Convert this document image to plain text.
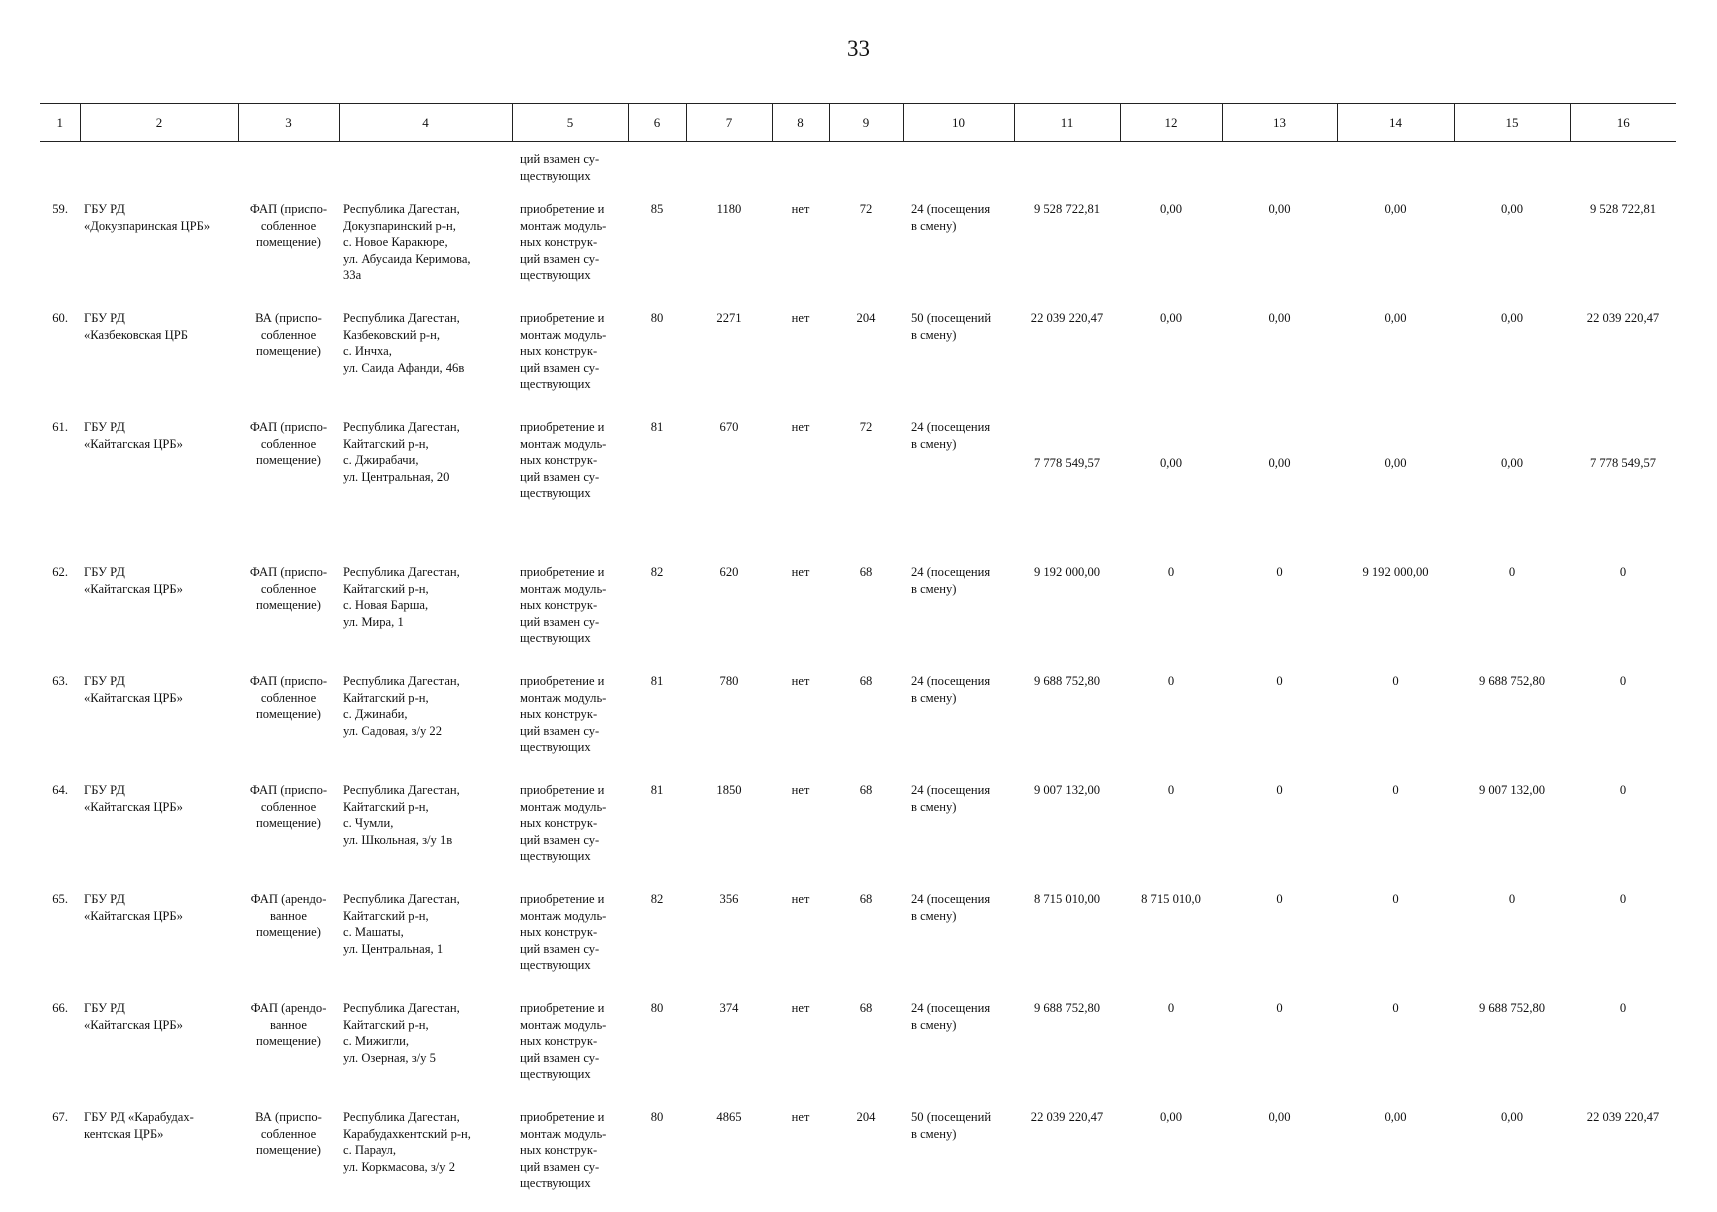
33
1	2	3	4	5	6	7	8	9	10	11	12	13	14	15	16
				ций взамен су-
ществующих											
59.	ГБУ РД
«Докузпаринская ЦРБ»	ФАП (приспо-
собленное
помещение)	Республика Дагестан,
Докузпаринский р-н,
с. Новое Каракюре,
ул. Абусаида Керимова,
33а	приобретение и
монтаж модуль-
ных конструк-
ций взамен су-
ществующих	85	1180	нет	72	24 (посещения
в смену)	9 528 722,81	0,00	0,00	0,00	0,00	9 528 722,81
60.	ГБУ РД
«Казбековская ЦРБ	ВА (приспо-
собленное
помещение)	Республика Дагестан,
Казбековский р-н,
с. Инчха,
ул. Саида Афанди, 46в	приобретение и
монтаж модуль-
ных конструк-
ций взамен су-
ществующих	80	2271	нет	204	50 (посещений
в смену)	22 039 220,47	0,00	0,00	0,00	0,00	22 039 220,47
61.	ГБУ РД
«Кайтагская ЦРБ»	ФАП (приспо-
собленное
помещение)	Республика Дагестан,
Кайтагский р-н,
с. Джирабачи,
ул. Центральная, 20	приобретение и
монтаж модуль-
ных конструк-
ций взамен су-
ществующих	81	670	нет	72	24 (посещения
в смену)	7 778 549,57	0,00	0,00	0,00	0,00	7 778 549,57
62.	ГБУ РД
«Кайтагская ЦРБ»	ФАП (приспо-
собленное
помещение)	Республика Дагестан,
Кайтагский р-н,
с. Новая Барша,
ул. Мира, 1	приобретение и
монтаж модуль-
ных конструк-
ций взамен су-
ществующих	82	620	нет	68	24 (посещения
в смену)	9 192 000,00	0	0	9 192 000,00	0	0
63.	ГБУ РД
«Кайтагская ЦРБ»	ФАП (приспо-
собленное
помещение)	Республика Дагестан,
Кайтагский р-н,
с. Джинаби,
ул. Садовая, з/у 22	приобретение и
монтаж модуль-
ных конструк-
ций взамен су-
ществующих	81	780	нет	68	24 (посещения
в смену)	9 688 752,80	0	0	0	9 688 752,80	0
64.	ГБУ РД
«Кайтагская ЦРБ»	ФАП (приспо-
собленное
помещение)	Республика Дагестан,
Кайтагский р-н,
с. Чумли,
ул. Школьная, з/у 1в	приобретение и
монтаж модуль-
ных конструк-
ций взамен су-
ществующих	81	1850	нет	68	24 (посещения
в смену)	9 007 132,00	0	0	0	9 007 132,00	0
65.	ГБУ РД
«Кайтагская ЦРБ»	ФАП (арендо-
ванное
помещение)	Республика Дагестан,
Кайтагский р-н,
с. Машаты,
ул. Центральная, 1	приобретение и
монтаж модуль-
ных конструк-
ций взамен су-
ществующих	82	356	нет	68	24 (посещения
в смену)	8 715 010,00	8 715 010,0	0	0	0	0
66.	ГБУ РД
«Кайтагская ЦРБ»	ФАП (арендо-
ванное
помещение)	Республика Дагестан,
Кайтагский р-н,
с. Мижигли,
ул. Озерная, з/у 5	приобретение и
монтаж модуль-
ных конструк-
ций взамен су-
ществующих	80	374	нет	68	24 (посещения
в смену)	9 688 752,80	0	0	0	9 688 752,80	0
67.	ГБУ РД «Карабудах-
кентская ЦРБ»	ВА (приспо-
собленное
помещение)	Республика Дагестан,
Карабудахкентский р-н,
с. Параул,
ул. Коркмасова, з/у 2	приобретение и
монтаж модуль-
ных конструк-
ций взамен су-
ществующих	80	4865	нет	204	50 (посещений
в смену)	22 039 220,47	0,00	0,00	0,00	0,00	22 039 220,47
